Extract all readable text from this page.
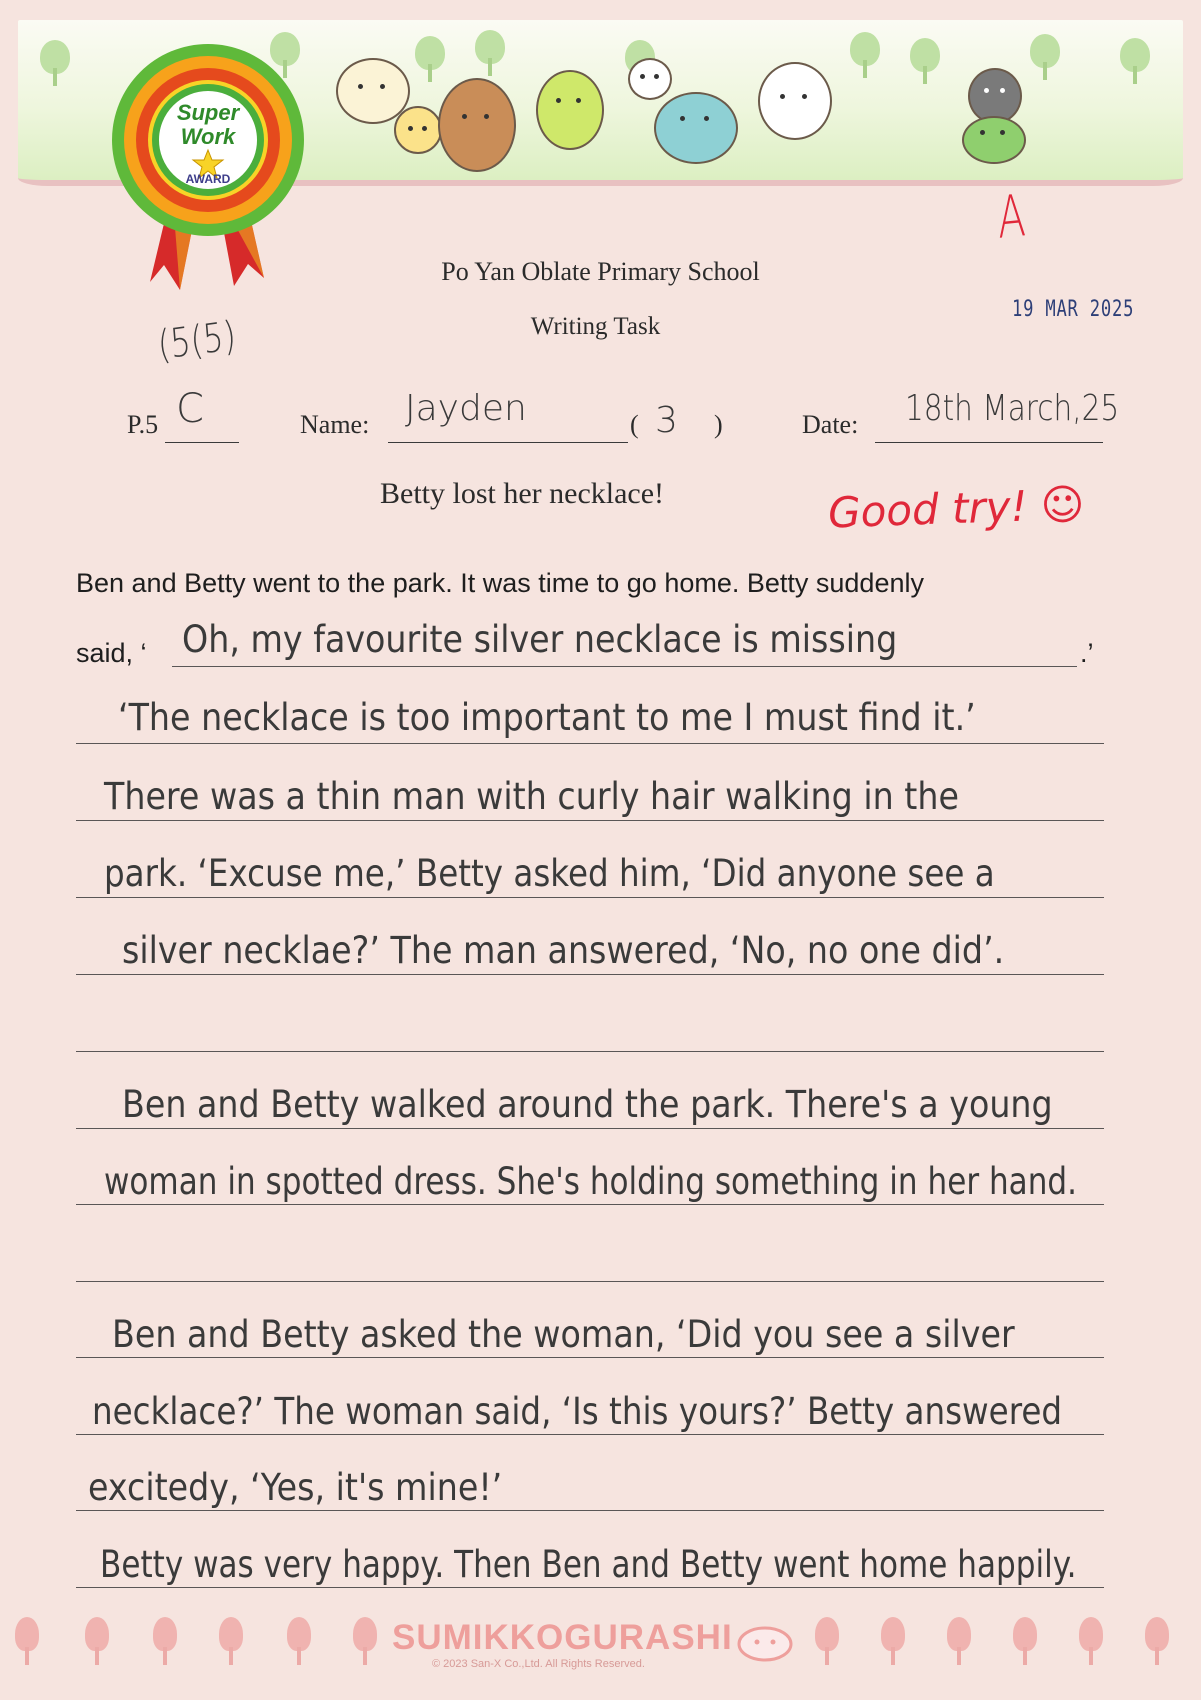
Super
Work
AWARD
Po Yan Oblate Primary School
Writing Task
A
19 MAR 2025
Good try! ☺
(5(5)
P.5 C	Name: Jayden	( 3 )	Date: 18th March,25
Betty lost her necklace!
Ben and Betty went to the park. It was time to go home. Betty suddenly
said, ‘	.’
Oh, my favourite silver necklace is missing
‘The necklace is too important to me I must find it.’
There was a thin man with curly hair walking in the
park. ‘Excuse me,’ Betty asked him, ‘Did anyone see a
silver necklae?’ The man answered, ‘No, no one did’.
Ben and Betty walked around the park. There's a young
woman in spotted dress. She's holding something in her hand.
Ben and Betty asked the woman, ‘Did you see a silver
necklace?’ The woman said, ‘Is this yours?’ Betty answered
excitedy, ‘Yes, it's mine!’
Betty was very happy. Then Ben and Betty went home happily.
SUMIKKOGURASHI
© 2023 San-X Co.,Ltd. All Rights Reserved.
